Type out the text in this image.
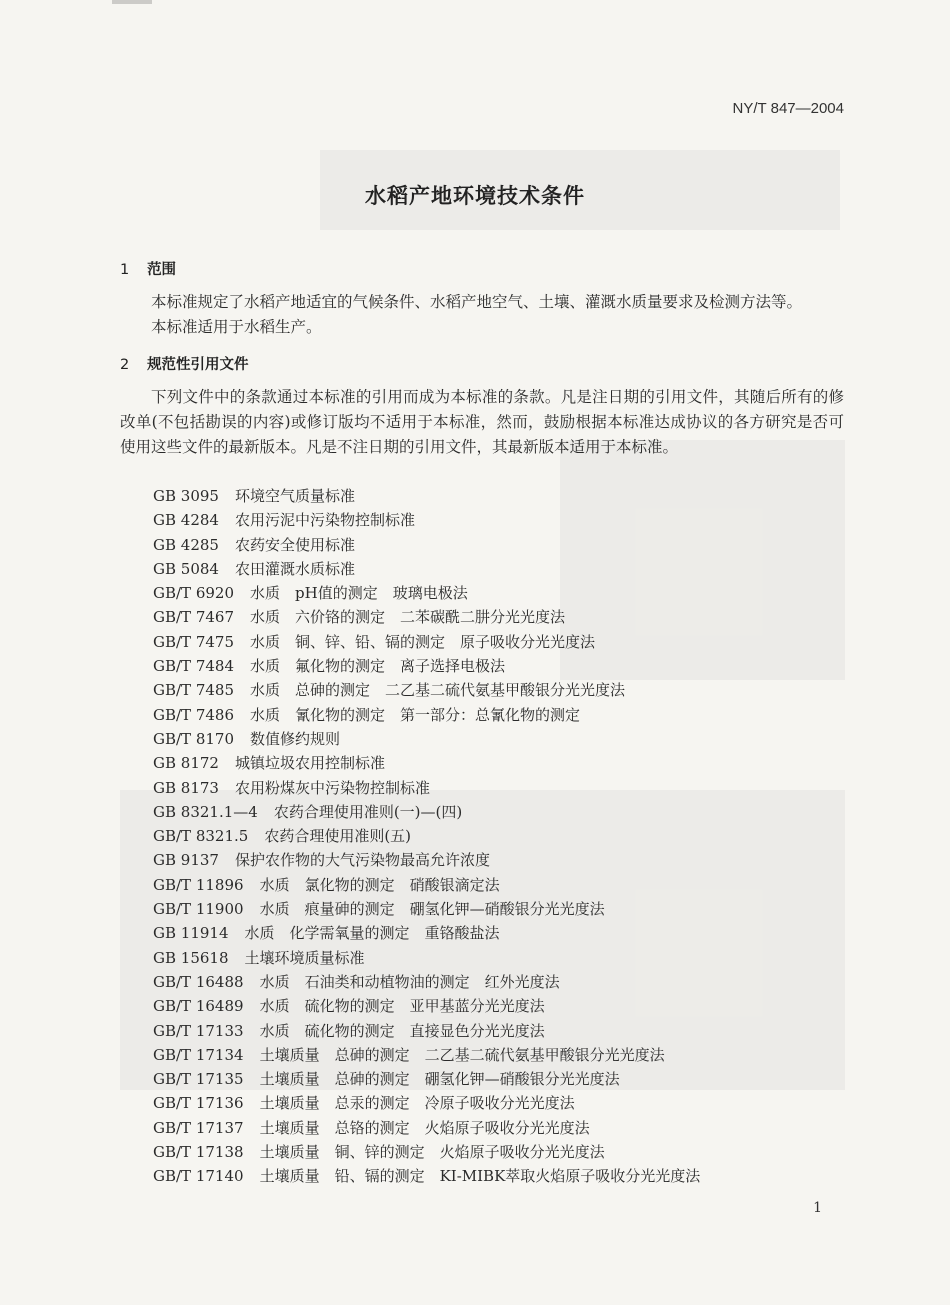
NY/T 847—2004
水稻产地环境技术条件
1 范围
本标准规定了水稻产地适宜的气候条件、水稻产地空气、土壤、灌溉水质量要求及检测方法等。
本标准适用于水稻生产。
2 规范性引用文件
下列文件中的条款通过本标准的引用而成为本标准的条款。凡是注日期的引用文件，其随后所有的修改单(不包括勘误的内容)或修订版均不适用于本标准，然而，鼓励根据本标准达成协议的各方研究是否可使用这些文件的最新版本。凡是不注日期的引用文件，其最新版本适用于本标准。
GB 3095 环境空气质量标准
GB 4284 农用污泥中污染物控制标准
GB 4285 农药安全使用标准
GB 5084 农田灌溉水质标准
GB/T 6920 水质　pH值的测定　玻璃电极法
GB/T 7467 水质　六价铬的测定　二苯碳酰二肼分光光度法
GB/T 7475 水质　铜、锌、铅、镉的测定　原子吸收分光光度法
GB/T 7484 水质　氟化物的测定　离子选择电极法
GB/T 7485 水质　总砷的测定　二乙基二硫代氨基甲酸银分光光度法
GB/T 7486 水质　氰化物的测定　第一部分：总氰化物的测定
GB/T 8170 数值修约规则
GB 8172 城镇垃圾农用控制标准
GB 8173 农用粉煤灰中污染物控制标准
GB 8321.1—4 农药合理使用准则(一)—(四)
GB/T 8321.5 农药合理使用准则(五)
GB 9137 保护农作物的大气污染物最高允许浓度
GB/T 11896 水质　氯化物的测定　硝酸银滴定法
GB/T 11900 水质　痕量砷的测定　硼氢化钾—硝酸银分光光度法
GB 11914 水质　化学需氧量的测定　重铬酸盐法
GB 15618 土壤环境质量标准
GB/T 16488 水质　石油类和动植物油的测定　红外光度法
GB/T 16489 水质　硫化物的测定　亚甲基蓝分光光度法
GB/T 17133 水质　硫化物的测定　直接显色分光光度法
GB/T 17134 土壤质量　总砷的测定　二乙基二硫代氨基甲酸银分光光度法
GB/T 17135 土壤质量　总砷的测定　硼氢化钾—硝酸银分光光度法
GB/T 17136 土壤质量　总汞的测定　冷原子吸收分光光度法
GB/T 17137 土壤质量　总铬的测定　火焰原子吸收分光光度法
GB/T 17138 土壤质量　铜、锌的测定　火焰原子吸收分光光度法
GB/T 17140 土壤质量　铅、镉的测定　KI-MIBK萃取火焰原子吸收分光光度法
1
